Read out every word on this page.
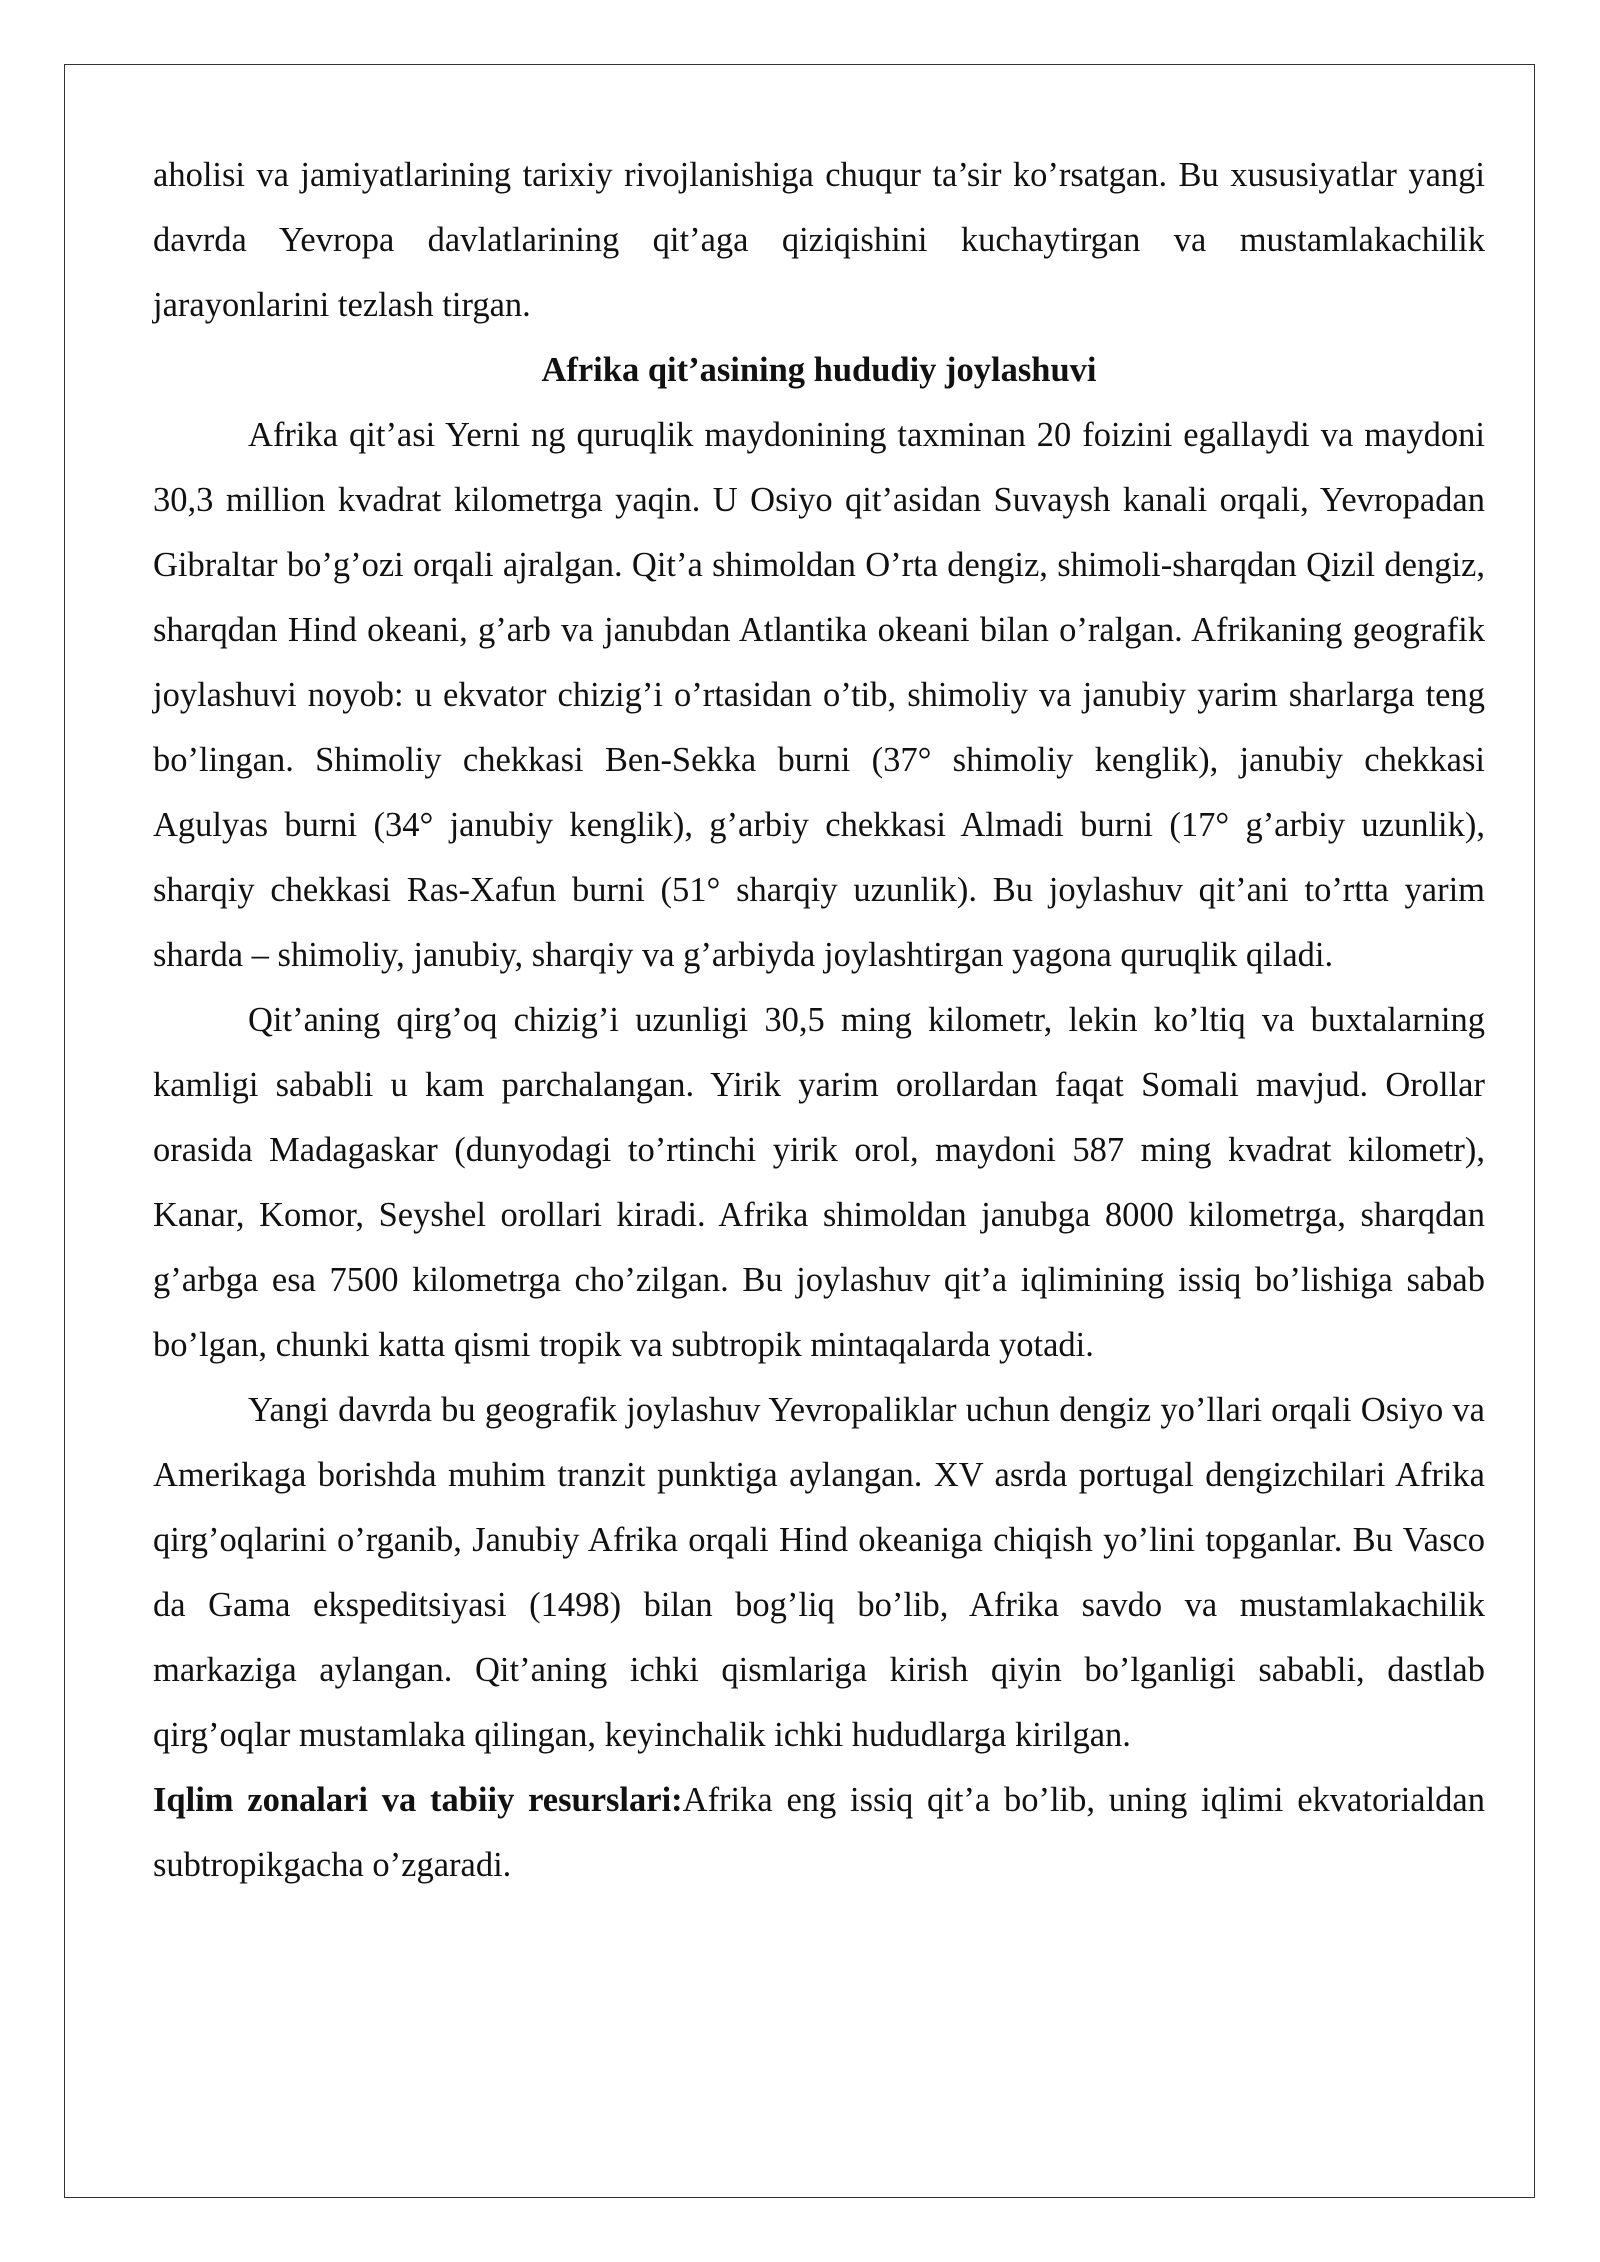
aholisi va jamiyatlarining tarixiy rivojlanishiga chuqur ta’sir ko’rsatgan. Bu xususiyatlar yangi davrda Yevropa davlatlarining qit’aga qiziqishini kuchaytirgan va mustamlakachilik jarayonlarini tezlash tirgan.

Afrika qit’asining hududiy joylashuvi

Afrika qit’asi Yerni ng quruqlik maydonining taxminan 20 foizini egallaydi va maydoni 30,3 million kvadrat kilometrga yaqin. U Osiyo qit’asidan Suvaysh kanali orqali, Yevropadan Gibraltar bo’g’ozi orqali ajralgan. Qit’a shimoldan O’rta dengiz, shimoli-sharqdan Qizil dengiz, sharqdan Hind okeani, g’arb va janubdan Atlantika okeani bilan o’ralgan. Afrikaning geografik joylashuvi noyob: u ekvator chizig’i o’rtasidan o’tib, shimoliy va janubiy yarim sharlarga teng bo’lingan. Shimoliy chekkasi Ben-Sekka burni (37° shimoliy kenglik), janubiy chekkasi Agulyas burni (34° janubiy kenglik), g’arbiy chekkasi Almadi burni (17° g’arbiy uzunlik), sharqiy chekkasi Ras-Xafun burni (51° sharqiy uzunlik). Bu joylashuv qit’ani to’rtta yarim sharda – shimoliy, janubiy, sharqiy va g’arbiyda joylashtirgan yagona quruqlik qiladi.

Qit’aning qirg’oq chizig’i uzunligi 30,5 ming kilometr, lekin ko’ltiq va buxtalarning kamligi sababli u kam parchalangan. Yirik yarim orollardan faqat Somali mavjud. Orollar orasida Madagaskar (dunyodagi to’rtinchi yirik orol, maydoni 587 ming kvadrat kilometr), Kanar, Komor, Seyshel orollari kiradi. Afrika shimoldan janubga 8000 kilometrga, sharqdan g’arbga esa 7500 kilometrga cho’zilgan. Bu joylashuv qit’a iqlimining issiq bo’lishiga sabab bo’lgan, chunki katta qismi tropik va subtropik mintaqalarda yotadi.

Yangi davrda bu geografik joylashuv Yevropaliklar uchun dengiz yo’llari orqali Osiyo va Amerikaga borishda muhim tranzit punktiga aylangan. XV asrda portugal dengizchilari Afrika qirg’oqlarini o’rganib, Janubiy Afrika orqali Hind okeaniga chiqish yo’lini topganlar. Bu Vasco da Gama ekspeditsiyasi (1498) bilan bog’liq bo’lib, Afrika savdo va mustamlakachilik markaziga aylangan. Qit’aning ichki qismlariga kirish qiyin bo’lganligi sababli, dastlab qirg’oqlar mustamlaka qilingan, keyinchalik ichki hududlarga kirilgan.

Iqlim zonalari va tabiiy resurslari:Afrika eng issiq qit’a bo’lib, uning iqlimi ekvatorialdan subtropikgacha o’zgaradi.
